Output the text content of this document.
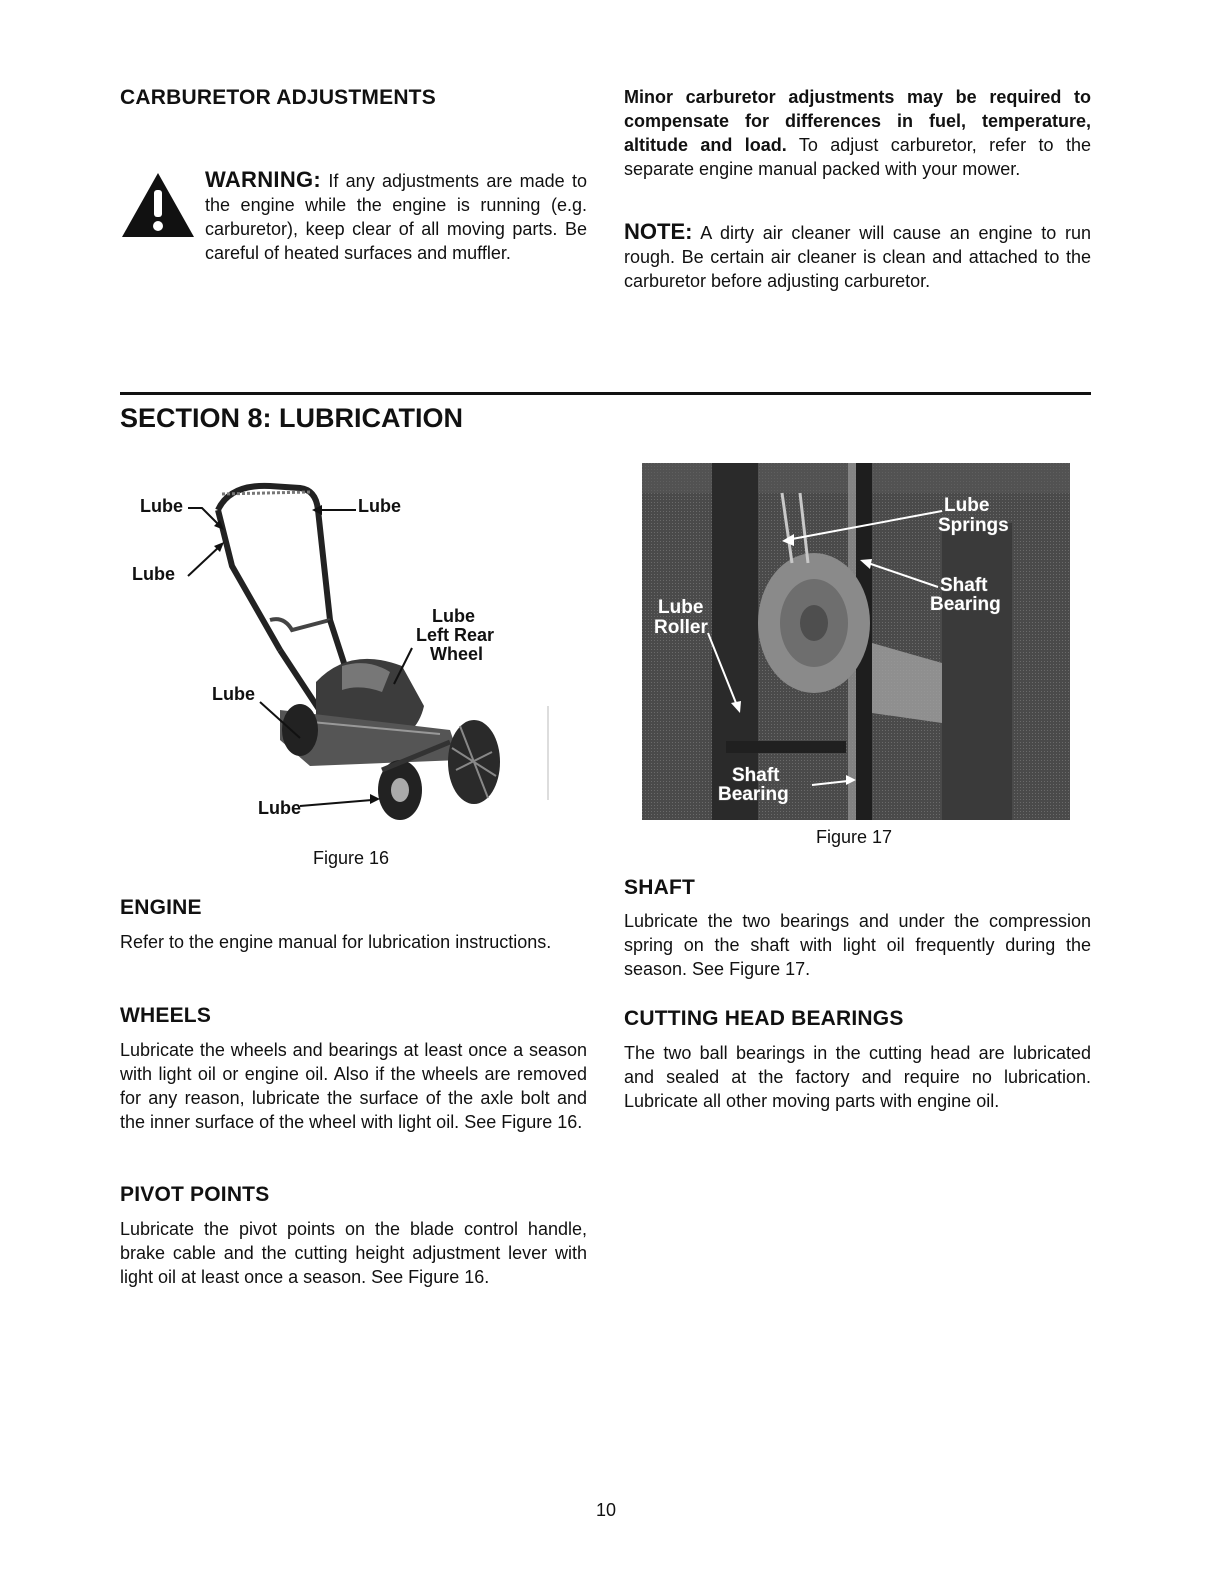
CARBURETOR ADJUSTMENTS
WARNING: If any adjustments are made to the engine while the engine is running (e.g. carburetor), keep clear of all moving parts. Be careful of heated surfaces and muffler.
Minor carburetor adjustments may be required to compensate for differences in fuel, temperature, altitude and load. To adjust carburetor, refer to the separate engine manual packed with your mower.
NOTE: A dirty air cleaner will cause an engine to run rough. Be certain air cleaner is clean and attached to the carburetor before adjusting carburetor.
SECTION 8: LUBRICATION
Lube	Lube
Lube
Lube
Left Rear
Wheel
Lube
Lube
Figure 16
Lube
Springs
Shaft
Bearing
Lube
Roller
Shaft
Bearing
Figure 17
ENGINE
Refer to the engine manual for lubrication instructions.
WHEELS
Lubricate the wheels and bearings at least once a season with light oil or engine oil. Also if the wheels are removed for any reason, lubricate the surface of the axle bolt and the inner surface of the wheel with light oil. See Figure 16.
PIVOT POINTS
Lubricate the pivot points on the blade control handle, brake cable and the cutting height adjustment lever with light oil at least once a season. See Figure 16.
SHAFT
Lubricate the two bearings and under the compression spring on the shaft with light oil frequently during the season. See Figure 17.
CUTTING HEAD BEARINGS
The two ball bearings in the cutting head are lubricated and sealed at the factory and require no lubrication. Lubricate all other moving parts with engine oil.
10
